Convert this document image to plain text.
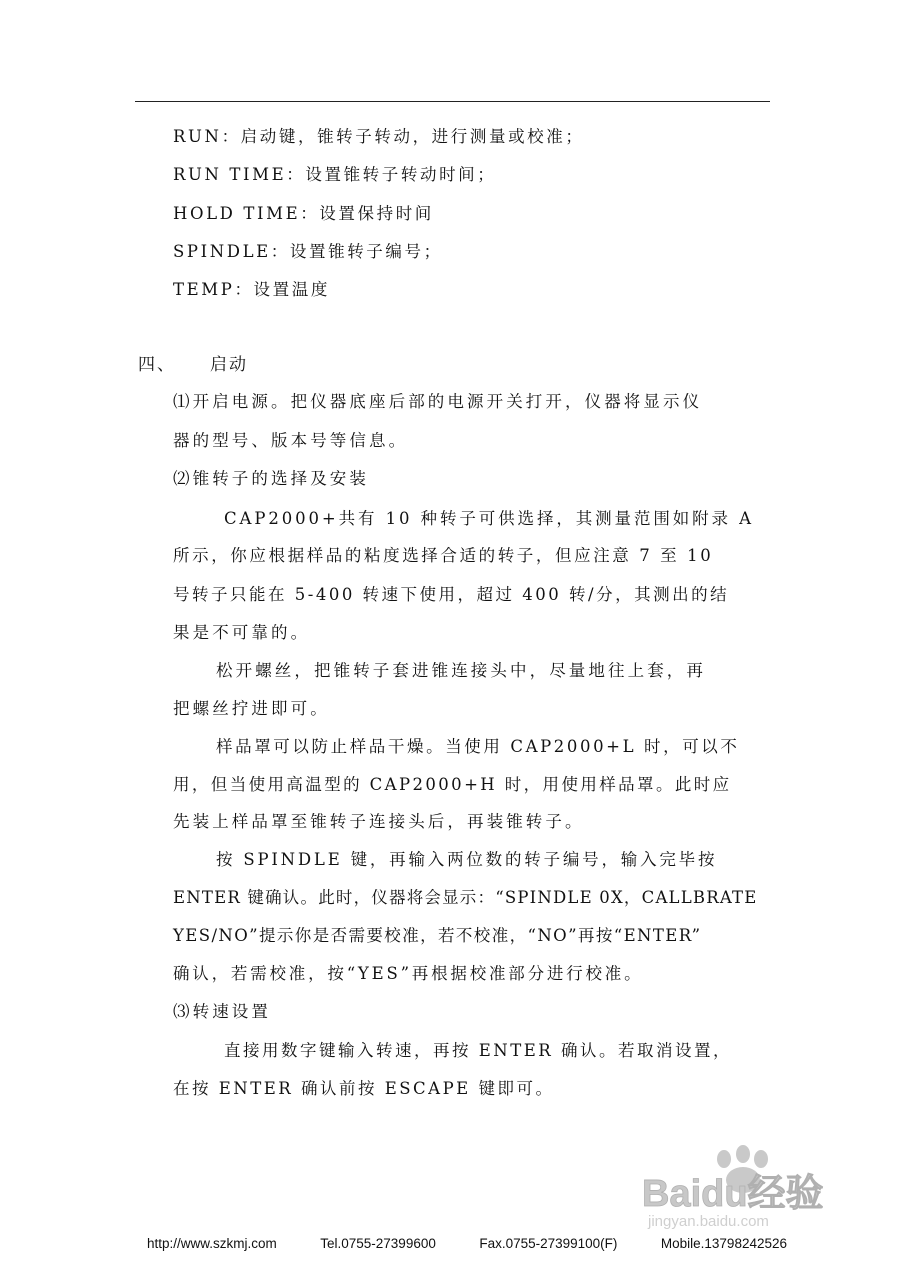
RUN：启动键，锥转子转动，进行测量或校准；
RUN TIME：设置锥转子转动时间；
HOLD TIME：设置保持时间
SPINDLE：设置锥转子编号；
TEMP：设置温度
四、 启动
⑴开启电源。把仪器底座后部的电源开关打开，仪器将显示仪
器的型号、版本号等信息。
⑵锥转子的选择及安装
CAP2000+共有 10 种转子可供选择，其测量范围如附录 A
所示，你应根据样品的粘度选择合适的转子，但应注意 7 至 10
号转子只能在 5-400 转速下使用，超过 400 转/分，其测出的结
果是不可靠的。
松开螺丝，把锥转子套进锥连接头中，尽量地往上套，再
把螺丝拧进即可。
样品罩可以防止样品干燥。当使用 CAP2000+L 时，可以不
用，但当使用高温型的 CAP2000+H 时，用使用样品罩。此时应
先装上样品罩至锥转子连接头后，再装锥转子。
按 SPINDLE 键，再输入两位数的转子编号，输入完毕按
ENTER 键确认。此时，仪器将会显示：“SPINDLE 0X，CALLBRATE
YES/NO”提示你是否需要校准，若不校准，“NO”再按“ENTER”
确认，若需校准，按“YES”再根据校准部分进行校准。
⑶转速设置
直接用数字键输入转速，再按 ENTER 确认。若取消设置，
在按 ENTER 确认前按 ESCAPE 键即可。
Baidu经验
jingyan.baidu.com
http://www.szkmj.com	Tel.0755-27399600	Fax.0755-27399100(F)	Mobile.13798242526
